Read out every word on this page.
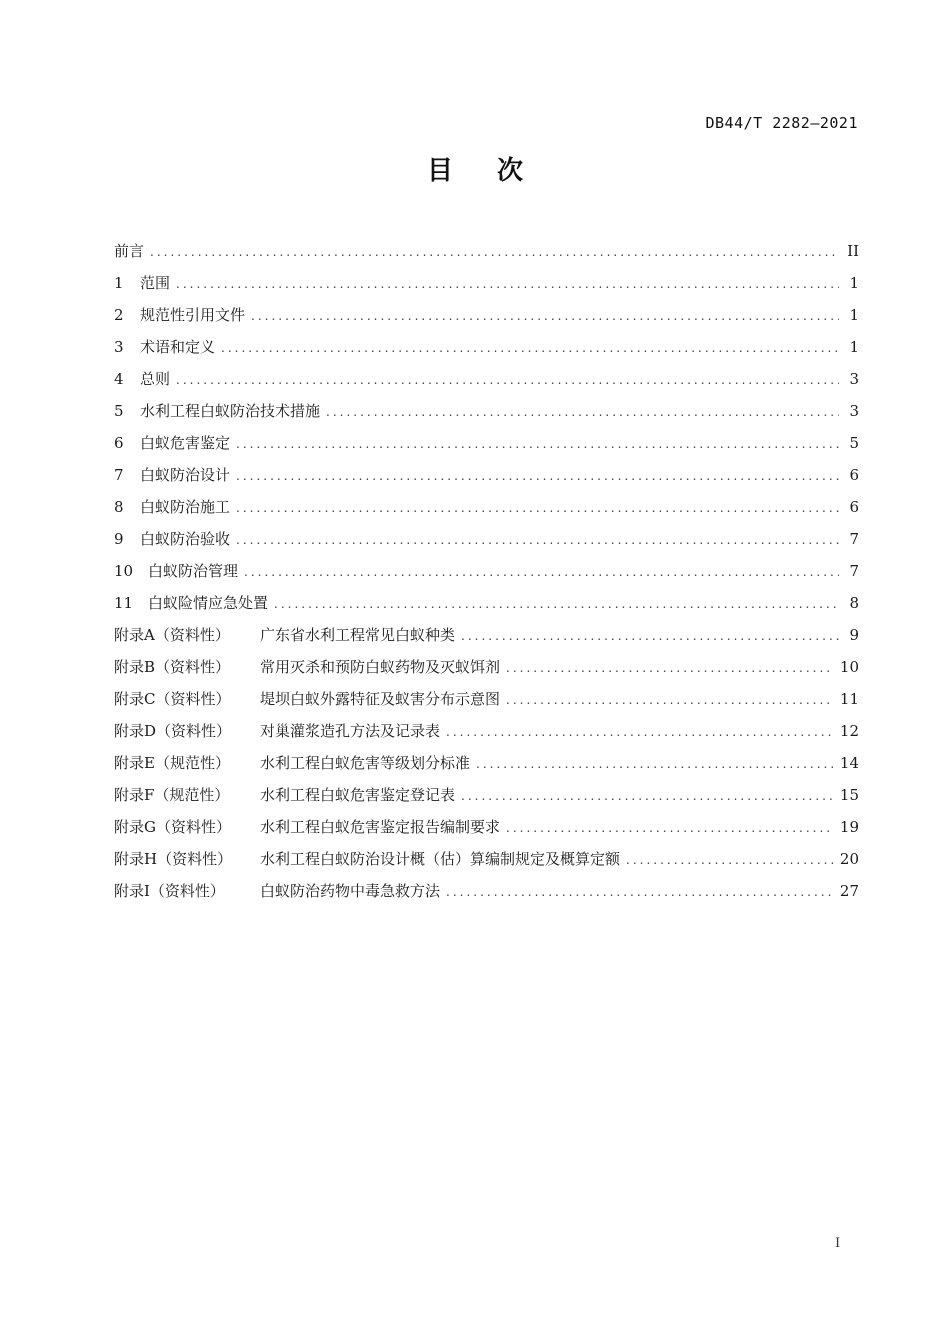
DB44/T 2282—2021
目次
前言 .....	II
1	范围 .....	1
2	规范性引用文件 .....	1
3	术语和定义 .....	1
4	总则 .....	3
5	水利工程白蚁防治技术措施 .....	3
6	白蚁危害鉴定 .....	5
7	白蚁防治设计 .....	6
8	白蚁防治施工 .....	6
9	白蚁防治验收 .....	7
10 白蚁防治管理 .....	7
11 白蚁险情应急处置 .....	8
附录A（资料性）	广东省水利工程常见白蚁种类 .....	9
附录B（资料性）	常用灭杀和预防白蚁药物及灭蚁饵剂 .....	10
附录C（资料性）	堤坝白蚁外露特征及蚁害分布示意图 .....	11
附录D（资料性）	对巢灌浆造孔方法及记录表 .....	12
附录E（规范性）	水利工程白蚁危害等级划分标准 .....	14
附录F（规范性）	水利工程白蚁危害鉴定登记表 .....	15
附录G（资料性）	水利工程白蚁危害鉴定报告编制要求 .....	19
附录H（资料性）	水利工程白蚁防治设计概（估）算编制规定及概算定额 .....	20
附录I（资料性）	白蚁防治药物中毒急救方法 .....	27
I
